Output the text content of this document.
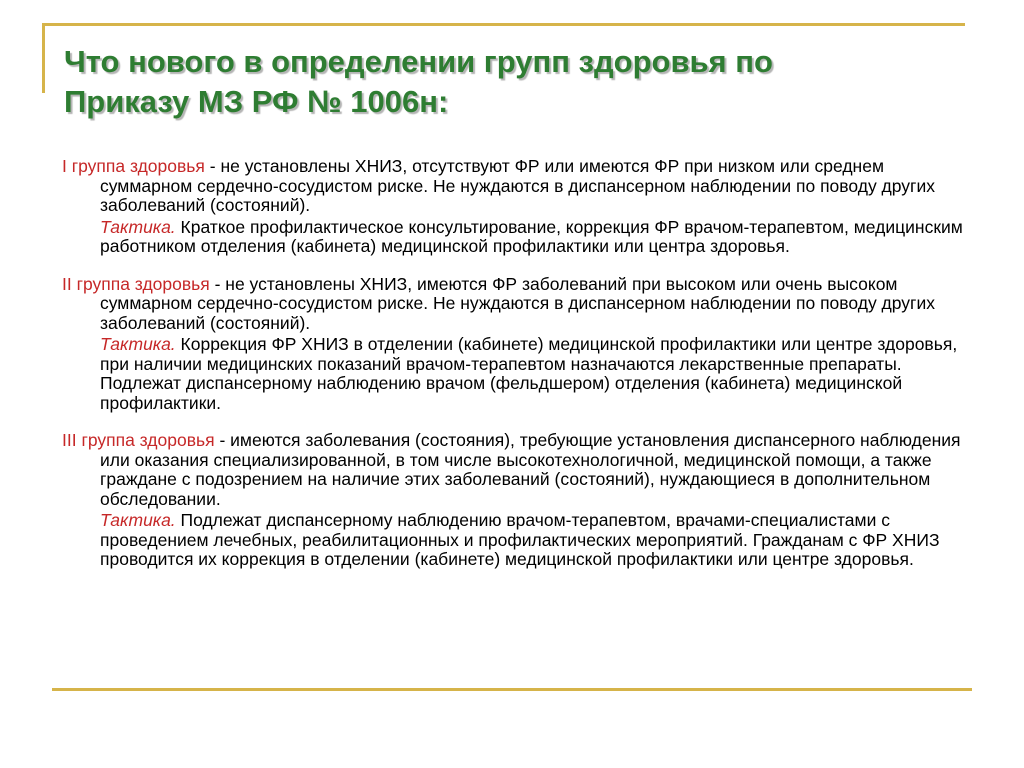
Что нового в определении групп здоровья по
Приказу МЗ РФ № 1006н:

I группа здоровья - не установлены ХНИЗ, отсутствуют ФР или имеются ФР при низком или среднем суммарном сердечно-сосудистом риске. Не нуждаются в диспансерном наблюдении по поводу других заболеваний (состояний).

Тактика. Краткое профилактическое консультирование, коррекция ФР врачом-терапевтом, медицинским работником отделения (кабинета) медицинской профилактики или центра здоровья.

II группа здоровья - не установлены ХНИЗ, имеются ФР заболеваний при высоком или очень высоком суммарном сердечно-сосудистом риске. Не нуждаются в диспансерном наблюдении по поводу других заболеваний (состояний).

Тактика. Коррекция ФР ХНИЗ в отделении (кабинете) медицинской профилактики или центре здоровья, при наличии медицинских показаний врачом-терапевтом назначаются лекарственные препараты. Подлежат диспансерному наблюдению врачом (фельдшером) отделения (кабинета) медицинской профилактики.

III группа здоровья - имеются заболевания (состояния), требующие установления диспансерного наблюдения или оказания специализированной, в том числе высокотехнологичной, медицинской помощи, а также граждане с подозрением на наличие этих заболеваний (состояний), нуждающиеся в дополнительном обследовании.

Тактика. Подлежат диспансерному наблюдению врачом-терапевтом, врачами-специалистами с проведением лечебных, реабилитационных и профилактических мероприятий. Гражданам с ФР ХНИЗ проводится их коррекция в отделении (кабинете) медицинской профилактики или центре здоровья.
